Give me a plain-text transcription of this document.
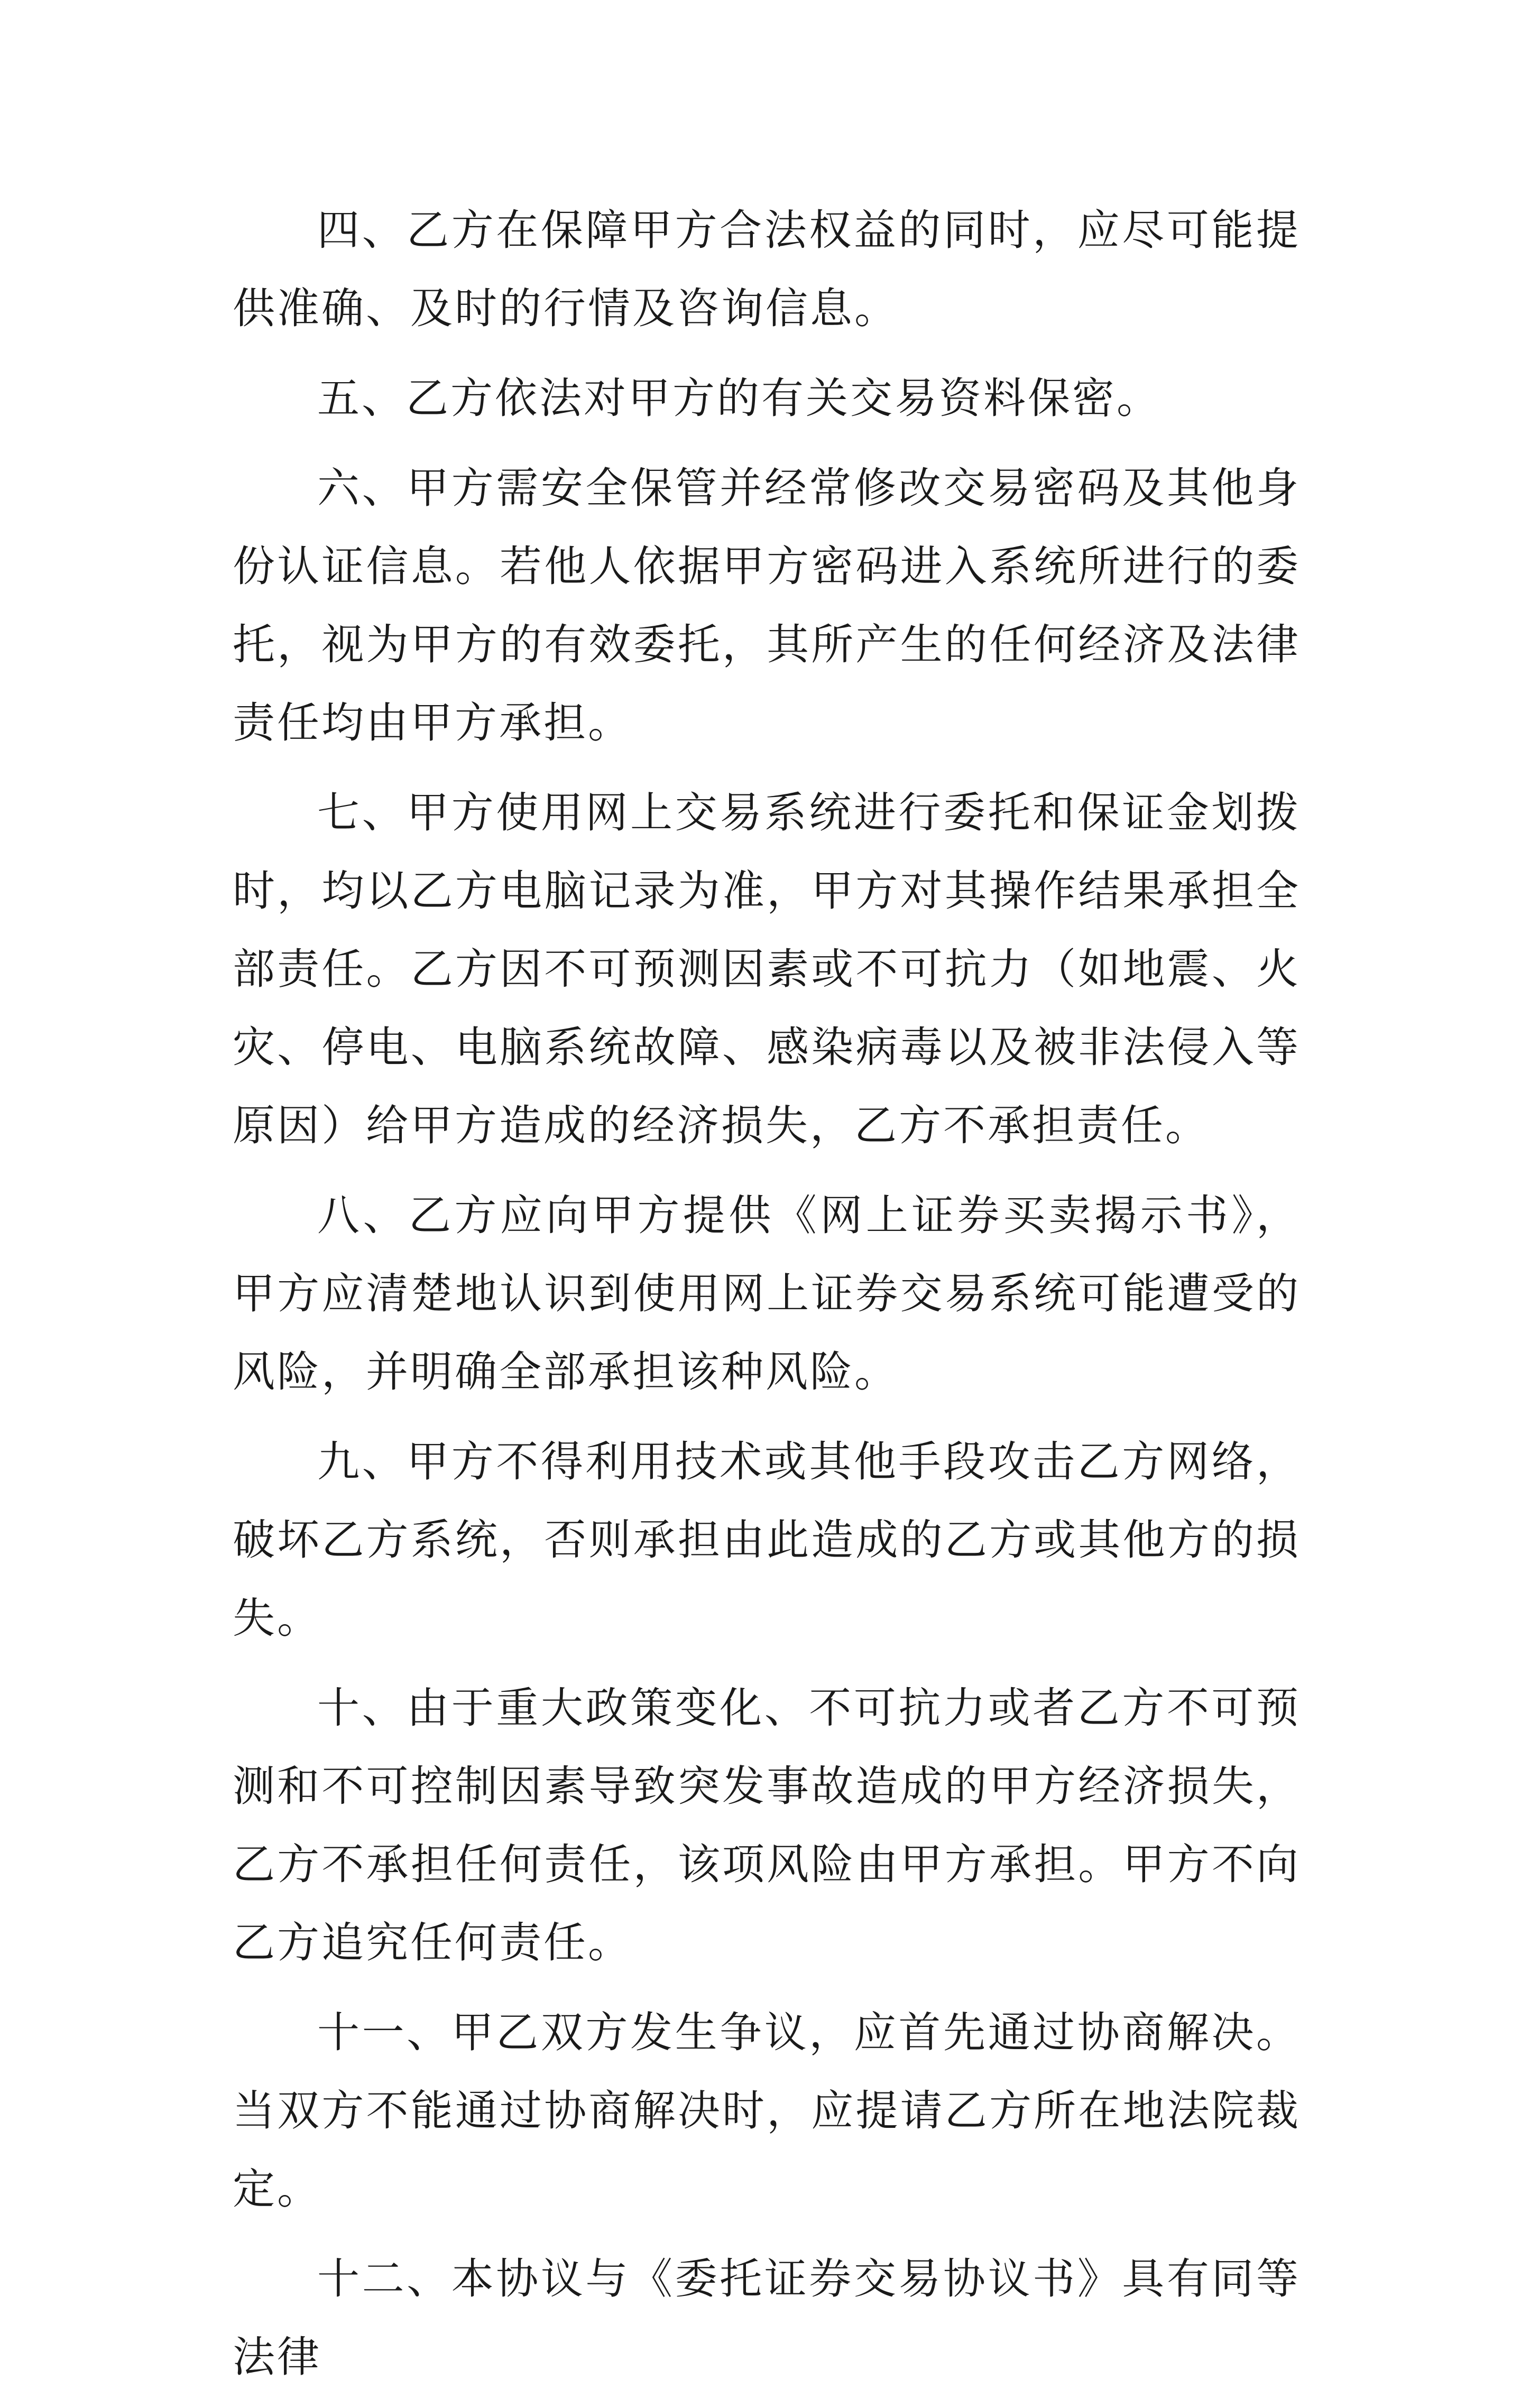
四、乙方在保障甲方合法权益的同时，应尽可能提供准确、及时的行情及咨询信息。

五、乙方依法对甲方的有关交易资料保密。

六、甲方需安全保管并经常修改交易密码及其他身份认证信息。若他人依据甲方密码进入系统所进行的委托，视为甲方的有效委托，其所产生的任何经济及法律责任均由甲方承担。

七、甲方使用网上交易系统进行委托和保证金划拨时，均以乙方电脑记录为准，甲方对其操作结果承担全部责任。乙方因不可预测因素或不可抗力（如地震、火灾、停电、电脑系统故障、感染病毒以及被非法侵入等原因）给甲方造成的经济损失，乙方不承担责任。

八、乙方应向甲方提供《网上证券买卖揭示书》，甲方应清楚地认识到使用网上证券交易系统可能遭受的风险，并明确全部承担该种风险。

九、甲方不得利用技术或其他手段攻击乙方网络，破坏乙方系统，否则承担由此造成的乙方或其他方的损失。

十、由于重大政策变化、不可抗力或者乙方不可预测和不可控制因素导致突发事故造成的甲方经济损失，乙方不承担任何责任，该项风险由甲方承担。甲方不向乙方追究任何责任。

十一、甲乙双方发生争议，应首先通过协商解决。当双方不能通过协商解决时，应提请乙方所在地法院裁定。

十二、本协议与《委托证券交易协议书》具有同等法律
